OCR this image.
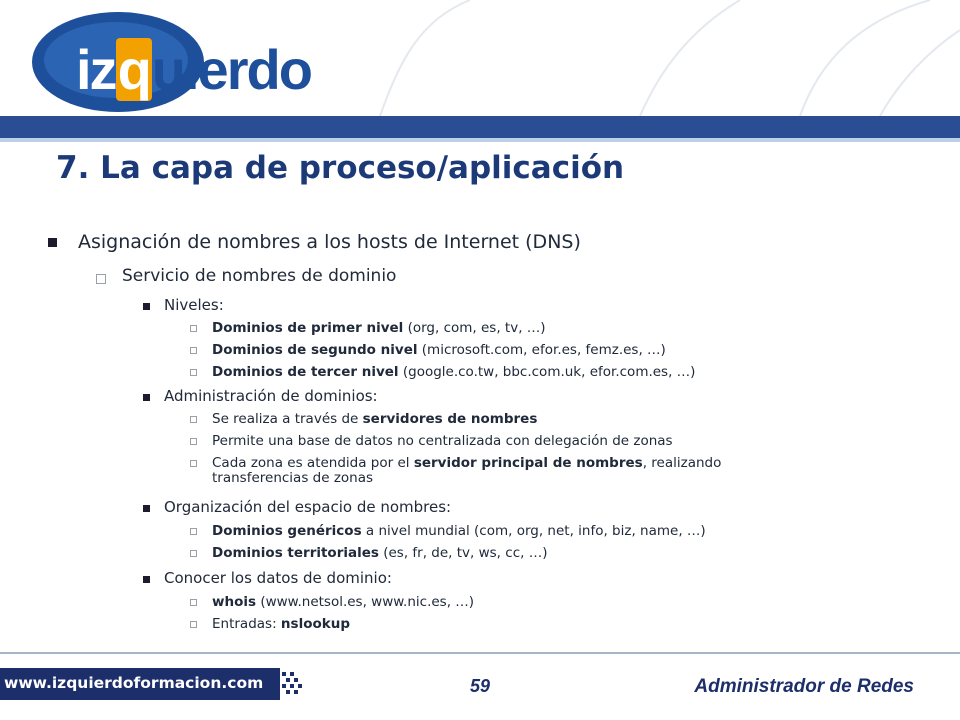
izquierdo
7. La capa de proceso/aplicación
Asignación de nombres a los hosts de Internet (DNS)
Servicio de nombres de dominio
Niveles:
Dominios de primer nivel (org, com, es, tv, …)
Dominios de segundo nivel (microsoft.com, efor.es, femz.es, …)
Dominios de tercer nivel (google.co.tw, bbc.com.uk, efor.com.es, …)
Administración de dominios:
Se realiza a través de servidores de nombres
Permite una base de datos no centralizada con delegación de zonas
Cada zona es atendida por el servidor principal de nombres, realizando
transferencias de zonas
Organización del espacio de nombres:
Dominios genéricos a nivel mundial (com, org, net, info, biz, name, …)
Dominios territoriales (es, fr, de, tv, ws, cc, …)
Conocer los datos de dominio:
whois (www.netsol.es, www.nic.es, …)
Entradas: nslookup
www.izquierdoformacion.com	59	Administrador de Redes
